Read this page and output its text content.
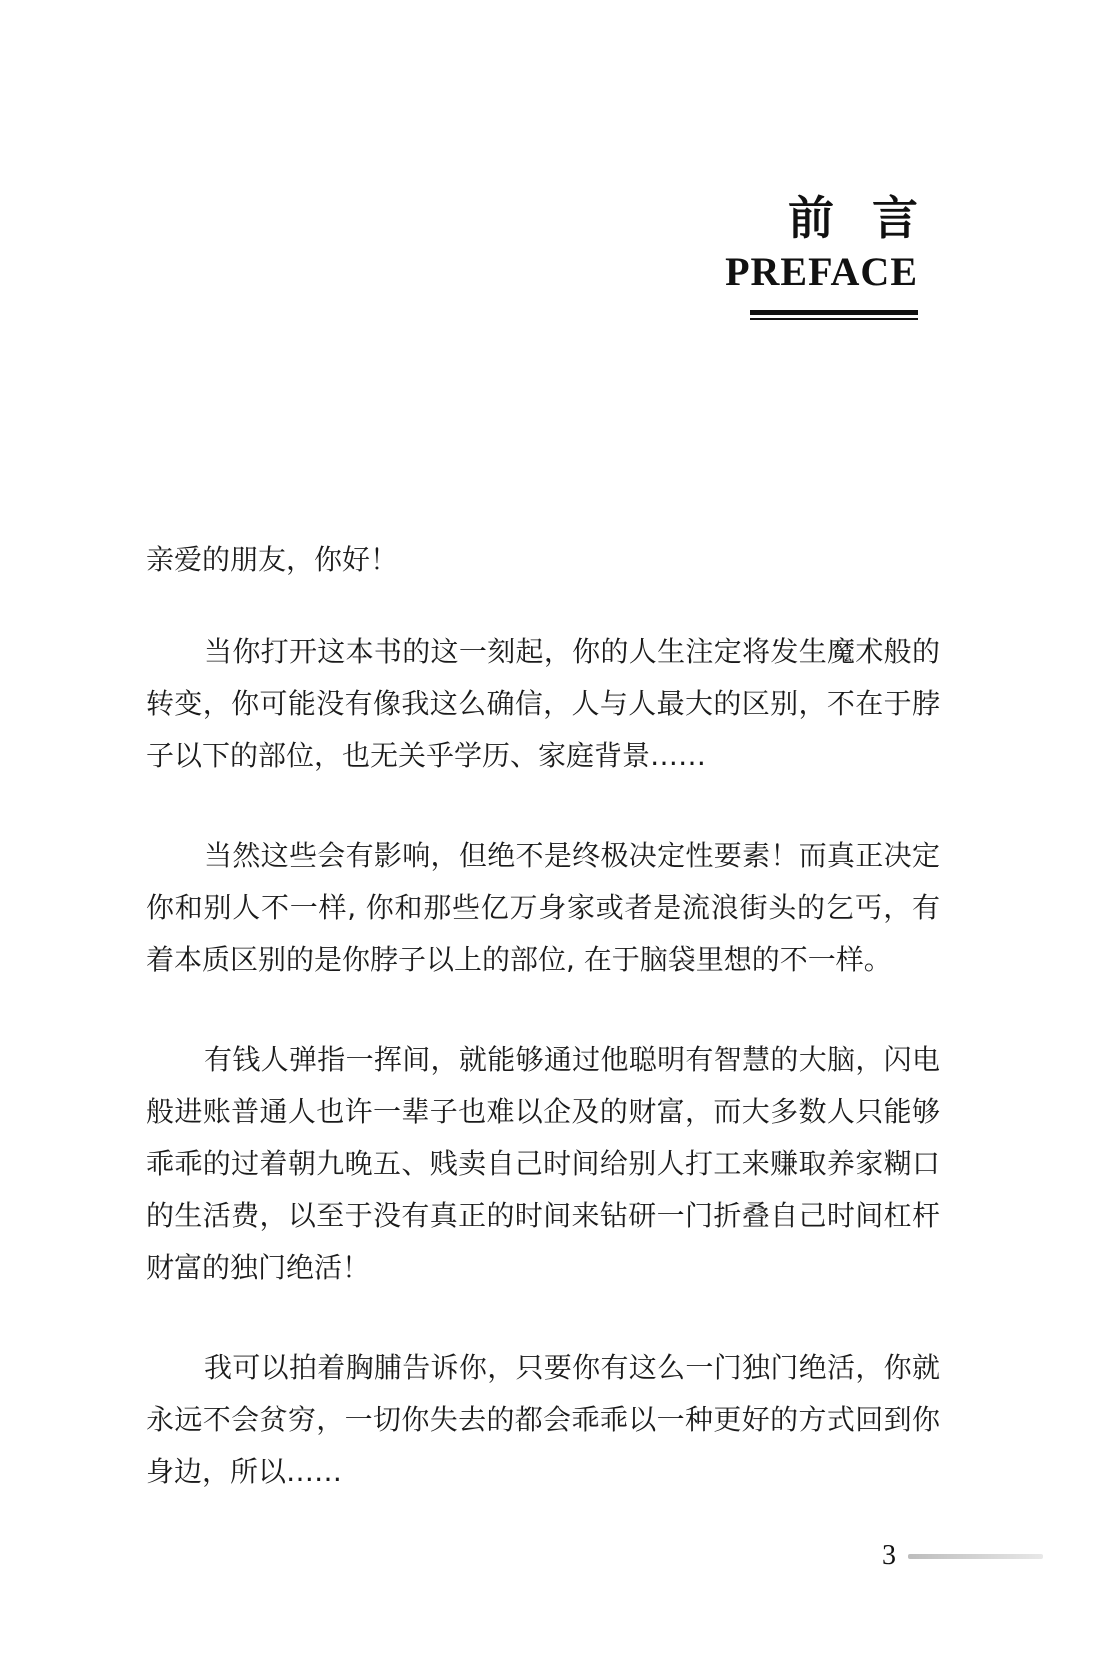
前言
PREFACE

亲爱的朋友，你好！

当你打开这本书的这一刻起，你的人生注定将发生魔术般的转变，你可能没有像我这么确信，人与人最大的区别，不在于脖子以下的部位，也无关乎学历、家庭背景……

当然这些会有影响，但绝不是终极决定性要素！而真正决定你和别人不一样, 你和那些亿万身家或者是流浪街头的乞丐，有着本质区别的是你脖子以上的部位, 在于脑袋里想的不一样。

有钱人弹指一挥间，就能够通过他聪明有智慧的大脑，闪电般进账普通人也许一辈子也难以企及的财富，而大多数人只能够乖乖的过着朝九晚五、贱卖自己时间给别人打工来赚取养家糊口的生活费，以至于没有真正的时间来钻研一门折叠自己时间杠杆财富的独门绝活！

我可以拍着胸脯告诉你，只要你有这么一门独门绝活，你就永远不会贫穷，一切你失去的都会乖乖以一种更好的方式回到你身边，所以……

3
